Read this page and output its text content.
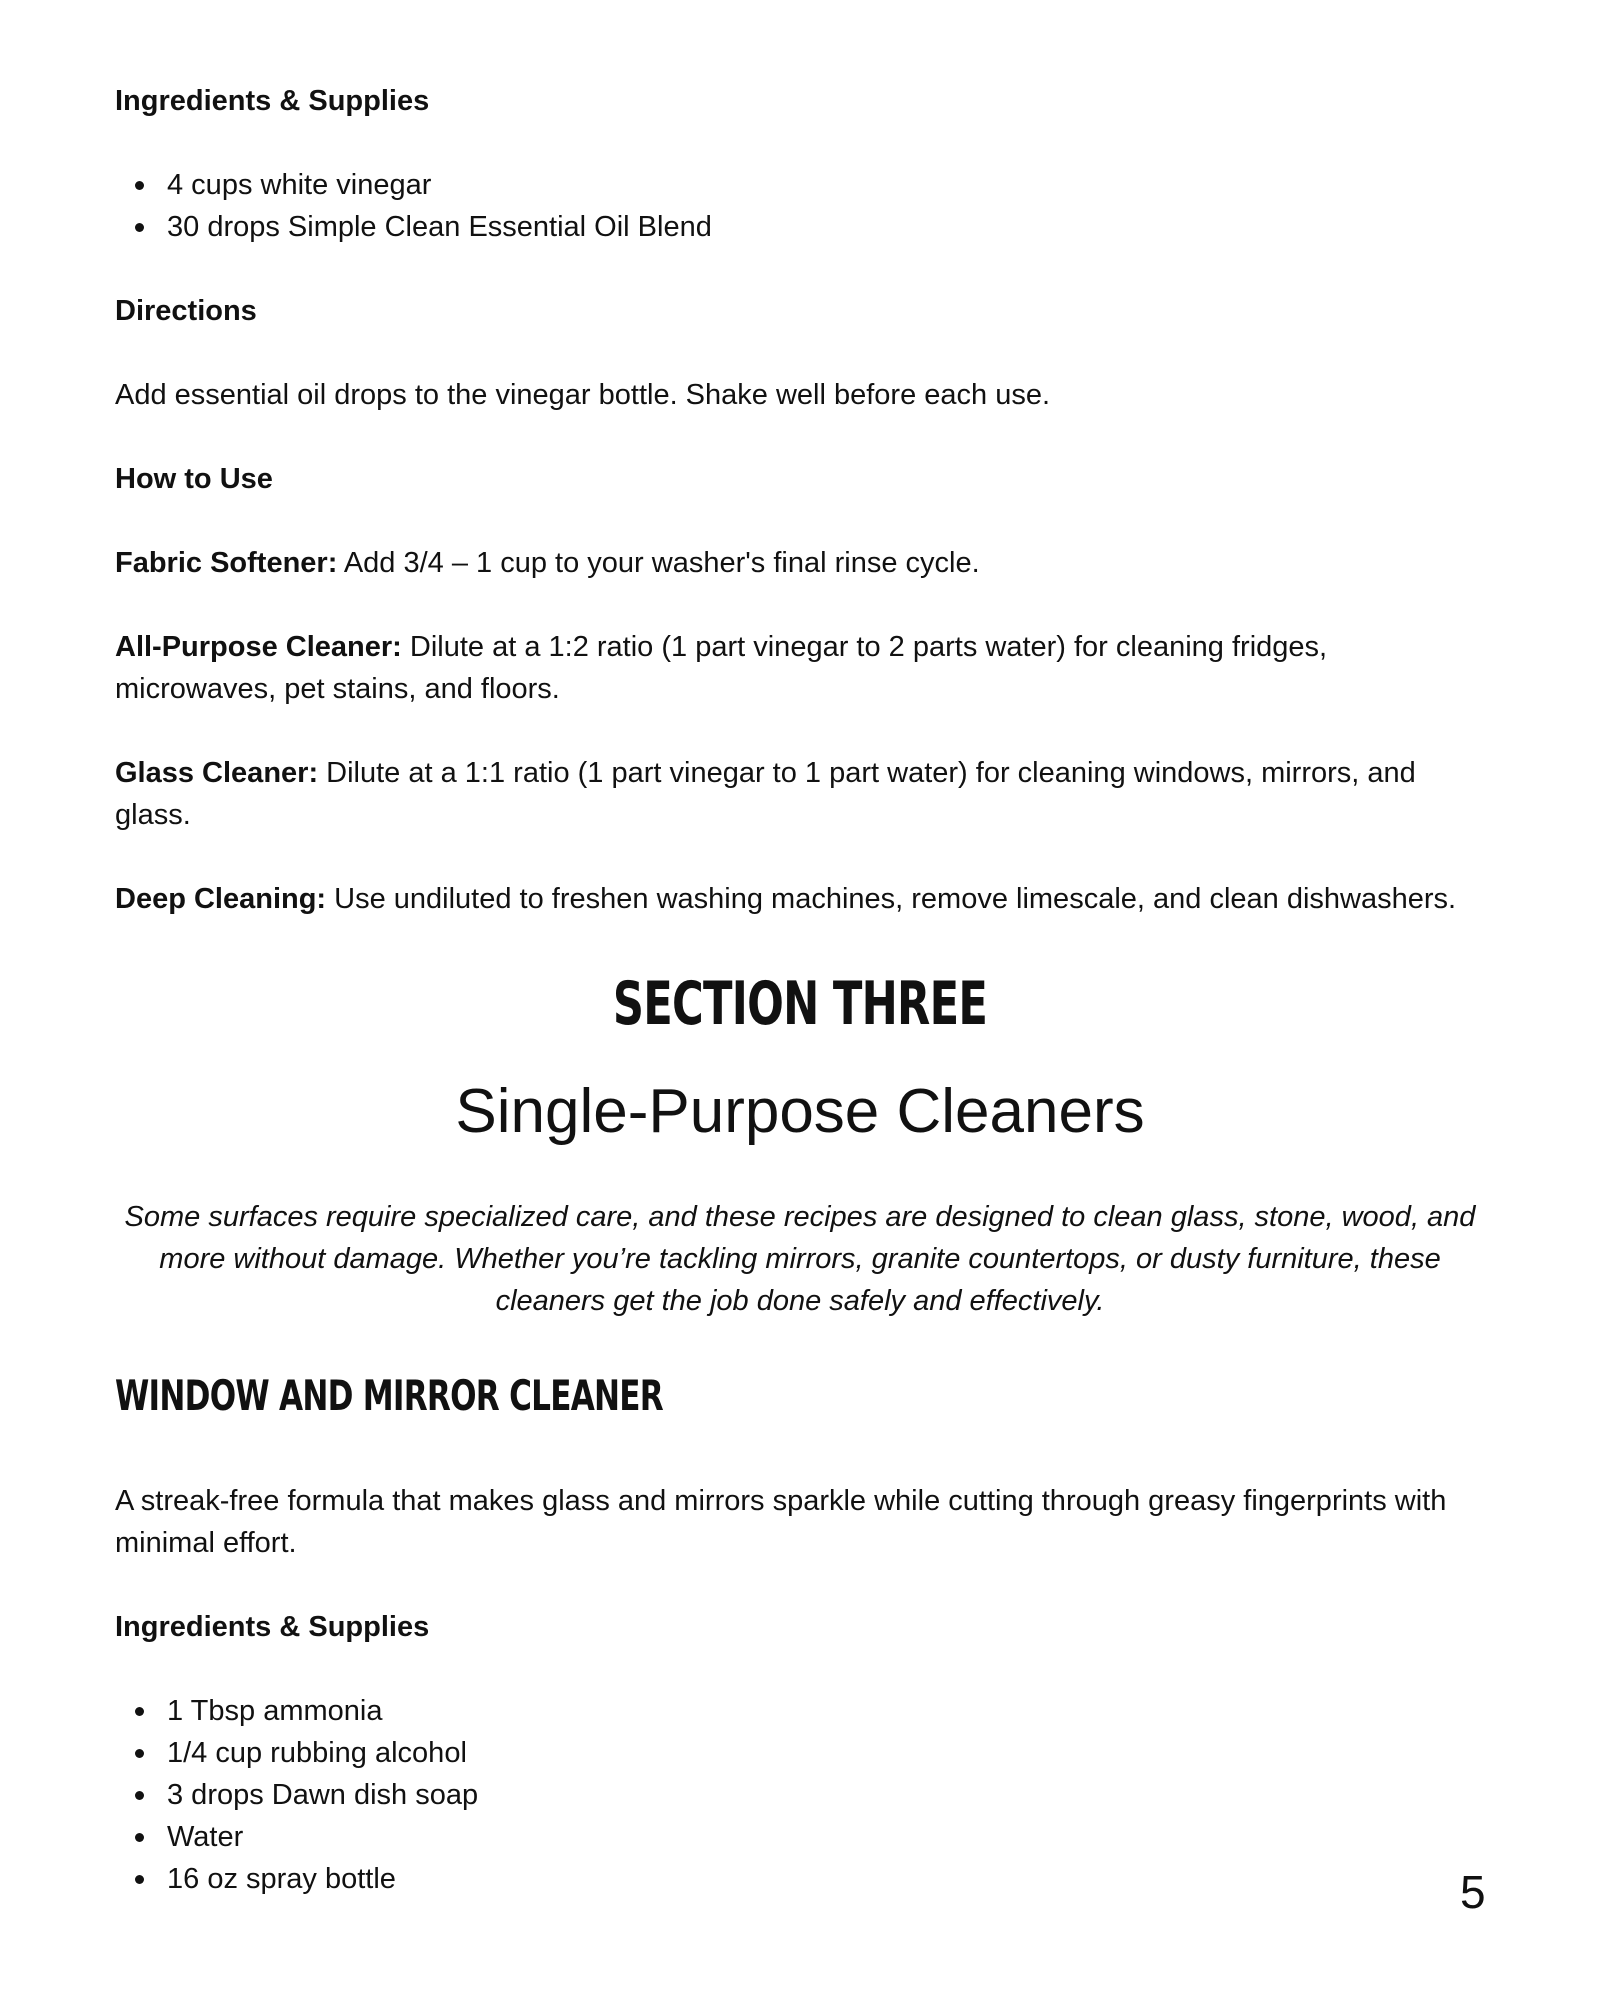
Ingredients & Supplies
4 cups white vinegar
30 drops Simple Clean Essential Oil Blend
Directions

Add essential oil drops to the vinegar bottle. Shake well before each use.

How to Use

Fabric Softener: Add 3/4 – 1 cup to your washer's final rinse cycle.

All-Purpose Cleaner: Dilute at a 1:2 ratio (1 part vinegar to 2 parts water) for cleaning fridges, microwaves, pet stains, and floors.

Glass Cleaner: Dilute at a 1:1 ratio (1 part vinegar to 1 part water) for cleaning windows, mirrors, and glass.

Deep Cleaning: Use undiluted to freshen washing machines, remove limescale, and clean dishwashers.

SECTION THREE
Single-Purpose Cleaners

Some surfaces require specialized care, and these recipes are designed to clean glass, stone, wood, and more without damage. Whether you’re tackling mirrors, granite countertops, or dusty furniture, these cleaners get the job done safely and effectively.

WINDOW AND MIRROR CLEANER

A streak-free formula that makes glass and mirrors sparkle while cutting through greasy fingerprints with minimal effort.

Ingredients & Supplies
1 Tbsp ammonia
1/4 cup rubbing alcohol
3 drops Dawn dish soap
Water
16 oz spray bottle	5
